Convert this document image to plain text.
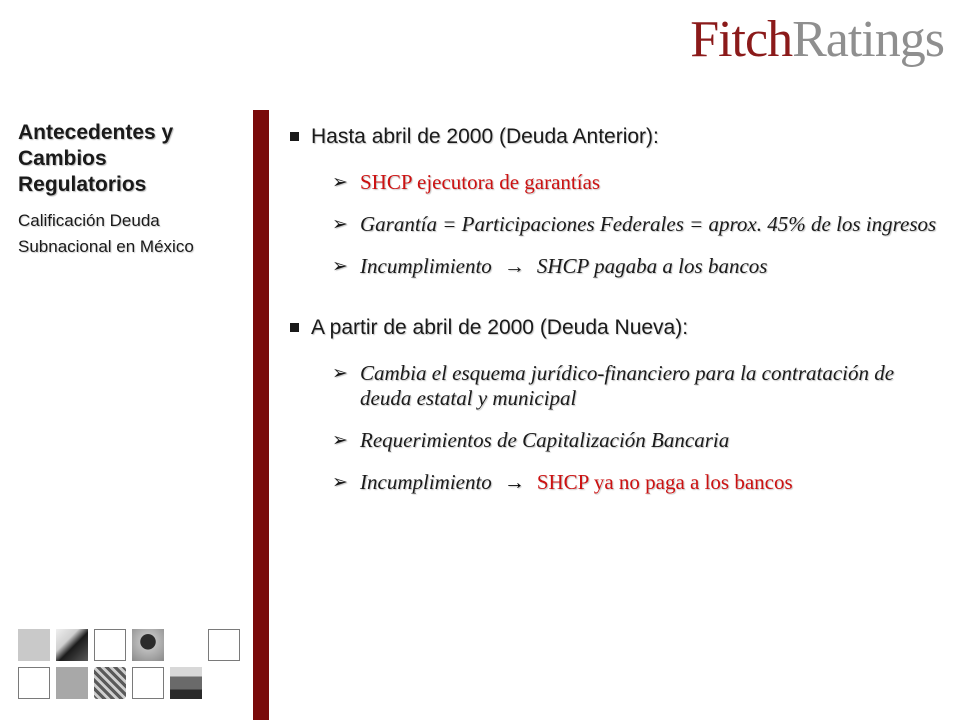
FitchRatings
Antecedentes y Cambios Regulatorios
Calificación Deuda Subnacional en México
Hasta abril de 2000 (Deuda Anterior):
➢ SHCP ejecutora de garantías
➢ Garantía = Participaciones Federales = aprox. 45% de los ingresos
➢ Incumplimiento → SHCP pagaba a los bancos
A partir de abril de 2000 (Deuda Nueva):
➢ Cambia el esquema jurídico-financiero para la contratación de deuda estatal y municipal
➢ Requerimientos de Capitalización Bancaria
➢ Incumplimiento → SHCP ya no paga a los bancos
